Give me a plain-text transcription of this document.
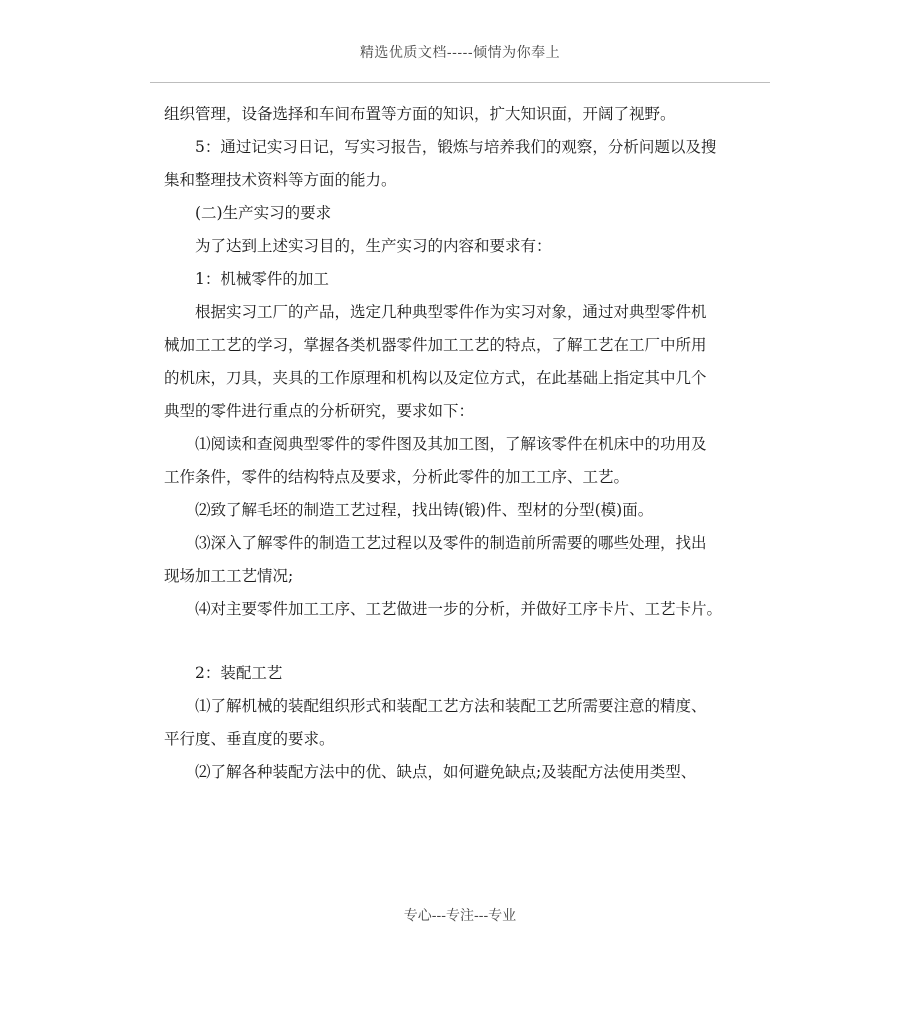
精选优质文档-----倾情为你奉上
组织管理，设备选择和车间布置等方面的知识，扩大知识面，开阔了视野。
5：通过记实习日记，写实习报告，锻炼与培养我们的观察，分析问题以及搜
集和整理技术资料等方面的能力。
(二)生产实习的要求
为了达到上述实习目的，生产实习的内容和要求有：
1：机械零件的加工
根据实习工厂的产品，选定几种典型零件作为实习对象，通过对典型零件机
械加工工艺的学习，掌握各类机器零件加工工艺的特点，了解工艺在工厂中所用
的机床，刀具，夹具的工作原理和机构以及定位方式，在此基础上指定其中几个
典型的零件进行重点的分析研究，要求如下：
⑴阅读和查阅典型零件的零件图及其加工图，了解该零件在机床中的功用及
工作条件，零件的结构特点及要求，分析此零件的加工工序、工艺。
⑵致了解毛坯的制造工艺过程，找出铸(锻)件、型材的分型(模)面。
⑶深入了解零件的制造工艺过程以及零件的制造前所需要的哪些处理，找出
现场加工工艺情况;
⑷对主要零件加工工序、工艺做进一步的分析，并做好工序卡片、工艺卡片。
2：装配工艺
⑴了解机械的装配组织形式和装配工艺方法和装配工艺所需要注意的精度、
平行度、垂直度的要求。
⑵了解各种装配方法中的优、缺点，如何避免缺点;及装配方法使用类型、
专心---专注---专业
